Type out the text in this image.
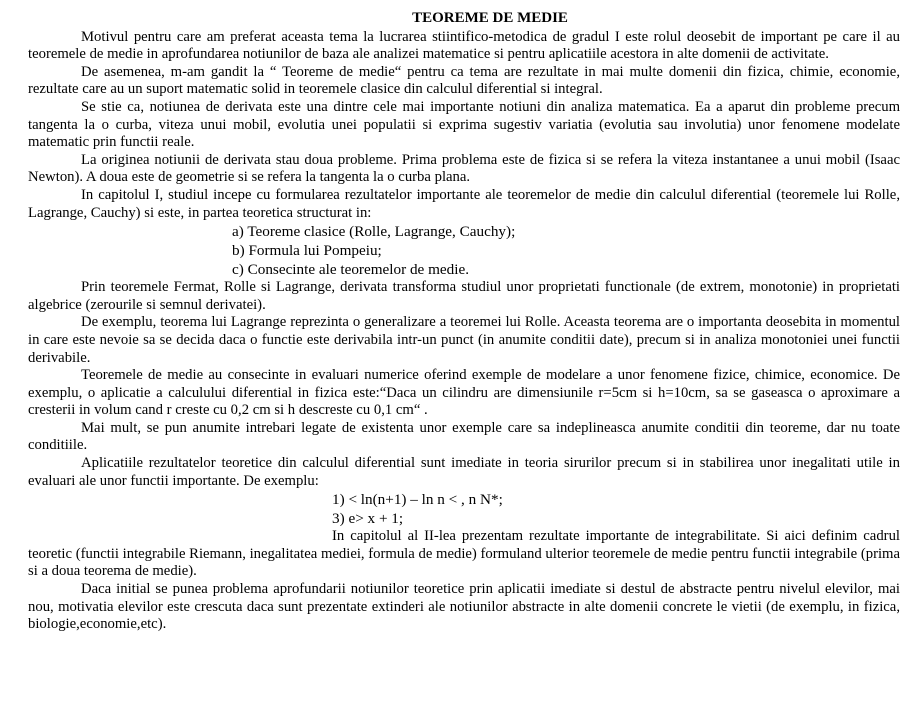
TEOREME DE MEDIE

Motivul pentru care am preferat aceasta tema la lucrarea stiintifico-metodica de gradul I este rolul deosebit de important pe care il au teoremele de medie in aprofundarea notiunilor de baza ale analizei matematice si pentru aplicatiile acestora in alte domenii de activitate.

De asemenea, m-am gandit la “ Teoreme de medie“ pentru ca tema are rezultate in mai multe domenii din fizica, chimie, economie, rezultate care au un suport matematic solid in teoremele clasice din calculul diferential si integral.

Se stie ca, notiunea de derivata este una dintre cele mai importante notiuni din analiza matematica. Ea a aparut din probleme precum tangenta la o curba, viteza unui mobil, evolutia unei populatii si exprima sugestiv variatia (evolutia sau involutia) unor fenomene modelate matematic prin functii reale.

La originea notiunii de derivata stau doua probleme. Prima problema este de fizica si se refera la viteza instantanee a unui mobil (Isaac Newton). A doua este de geometrie si se refera la tangenta la o curba plana.

In capitolul I, studiul incepe cu formularea rezultatelor importante ale teoremelor de medie din calculul diferential (teoremele lui Rolle, Lagrange, Cauchy) si este, in partea teoretica structurat in:

a) Teoreme clasice (Rolle, Lagrange, Cauchy);
b) Formula lui Pompeiu;
c) Consecinte ale teoremelor de medie.

Prin teoremele Fermat, Rolle si Lagrange, derivata transforma studiul unor proprietati functionale (de extrem, monotonie) in proprietati algebrice (zerourile si semnul derivatei).

De exemplu, teorema lui Lagrange reprezinta o generalizare a teoremei lui Rolle. Aceasta teorema are o importanta deosebita in momentul in care este nevoie sa se decida daca o functie este derivabila intr-un punct (in anumite conditii date), precum si in analiza monotoniei unei functii derivabile.

Teoremele de medie au consecinte in evaluari numerice oferind exemple de modelare a unor fenomene fizice, chimice, economice. De exemplu, o aplicatie a calculului diferential in fizica este:“Daca un cilindru are dimensiunile r=5cm si h=10cm, sa se gaseasca o aproximare a cresterii in volum cand r creste cu 0,2 cm si h descreste cu 0,1 cm“ .

Mai mult, se pun anumite intrebari legate de existenta unor exemple care sa indeplineasca anumite conditii din teoreme, dar nu toate conditiile.

Aplicatiile rezultatelor teoretice din calculul diferential sunt imediate in teoria sirurilor precum si in stabilirea unor inegalitati utile in evaluari ale unor functii importante. De exemplu:

1) < ln(n+1) – ln n < , n N*;
3) e> x + 1;

In capitolul al II-lea prezentam rezultate importante de integrabilitate. Si aici definim cadrul teoretic (functii integrabile Riemann, inegalitatea mediei, formula de medie) formuland ulterior teoremele de medie pentru functii integrabile (prima si a doua teorema de medie).

Daca initial se punea problema aprofundarii notiunilor teoretice prin aplicatii imediate si destul de abstracte pentru nivelul elevilor, mai nou, motivatia elevilor este crescuta daca sunt prezentate extinderi ale notiunilor abstracte in alte domenii concrete le vietii (de exemplu, in fizica, biologie,economie,etc).
